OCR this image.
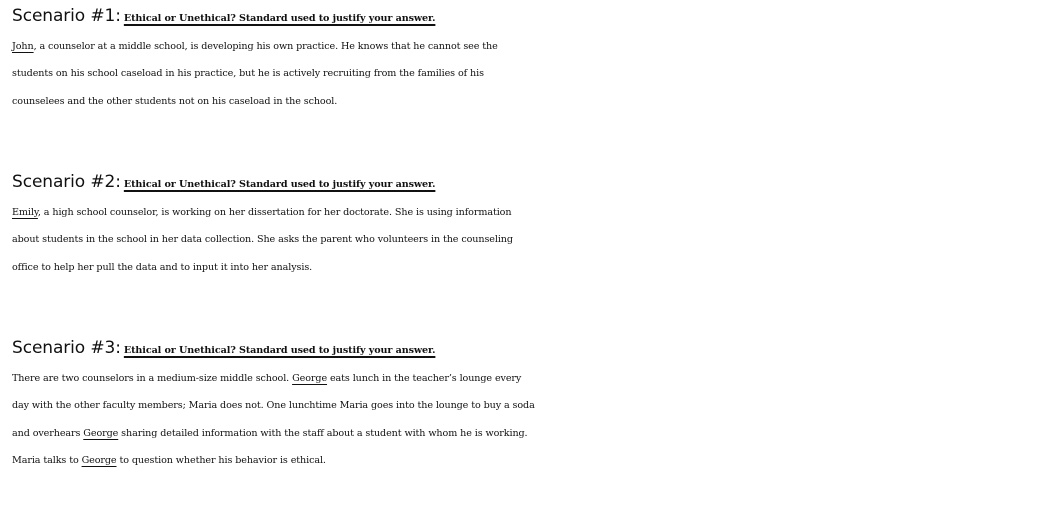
Scenario #1: Ethical or Unethical? Standard used to justify your answer.
John, a counselor at a middle school, is developing his own practice. He knows that he cannot see the
students on his school caseload in his practice, but he is actively recruiting from the families of his
counselees and the other students not on his caseload in the school.
Scenario #2: Ethical or Unethical? Standard used to justify your answer.
Emily, a high school counselor, is working on her dissertation for her doctorate. She is using information
about students in the school in her data collection. She asks the parent who volunteers in the counseling
office to help her pull the data and to input it into her analysis.
Scenario #3: Ethical or Unethical? Standard used to justify your answer.
There are two counselors in a medium-size middle school. George eats lunch in the teacher’s lounge every
day with the other faculty members; Maria does not. One lunchtime Maria goes into the lounge to buy a soda
and overhears George sharing detailed information with the staff about a student with whom he is working.
Maria talks to George to question whether his behavior is ethical.
